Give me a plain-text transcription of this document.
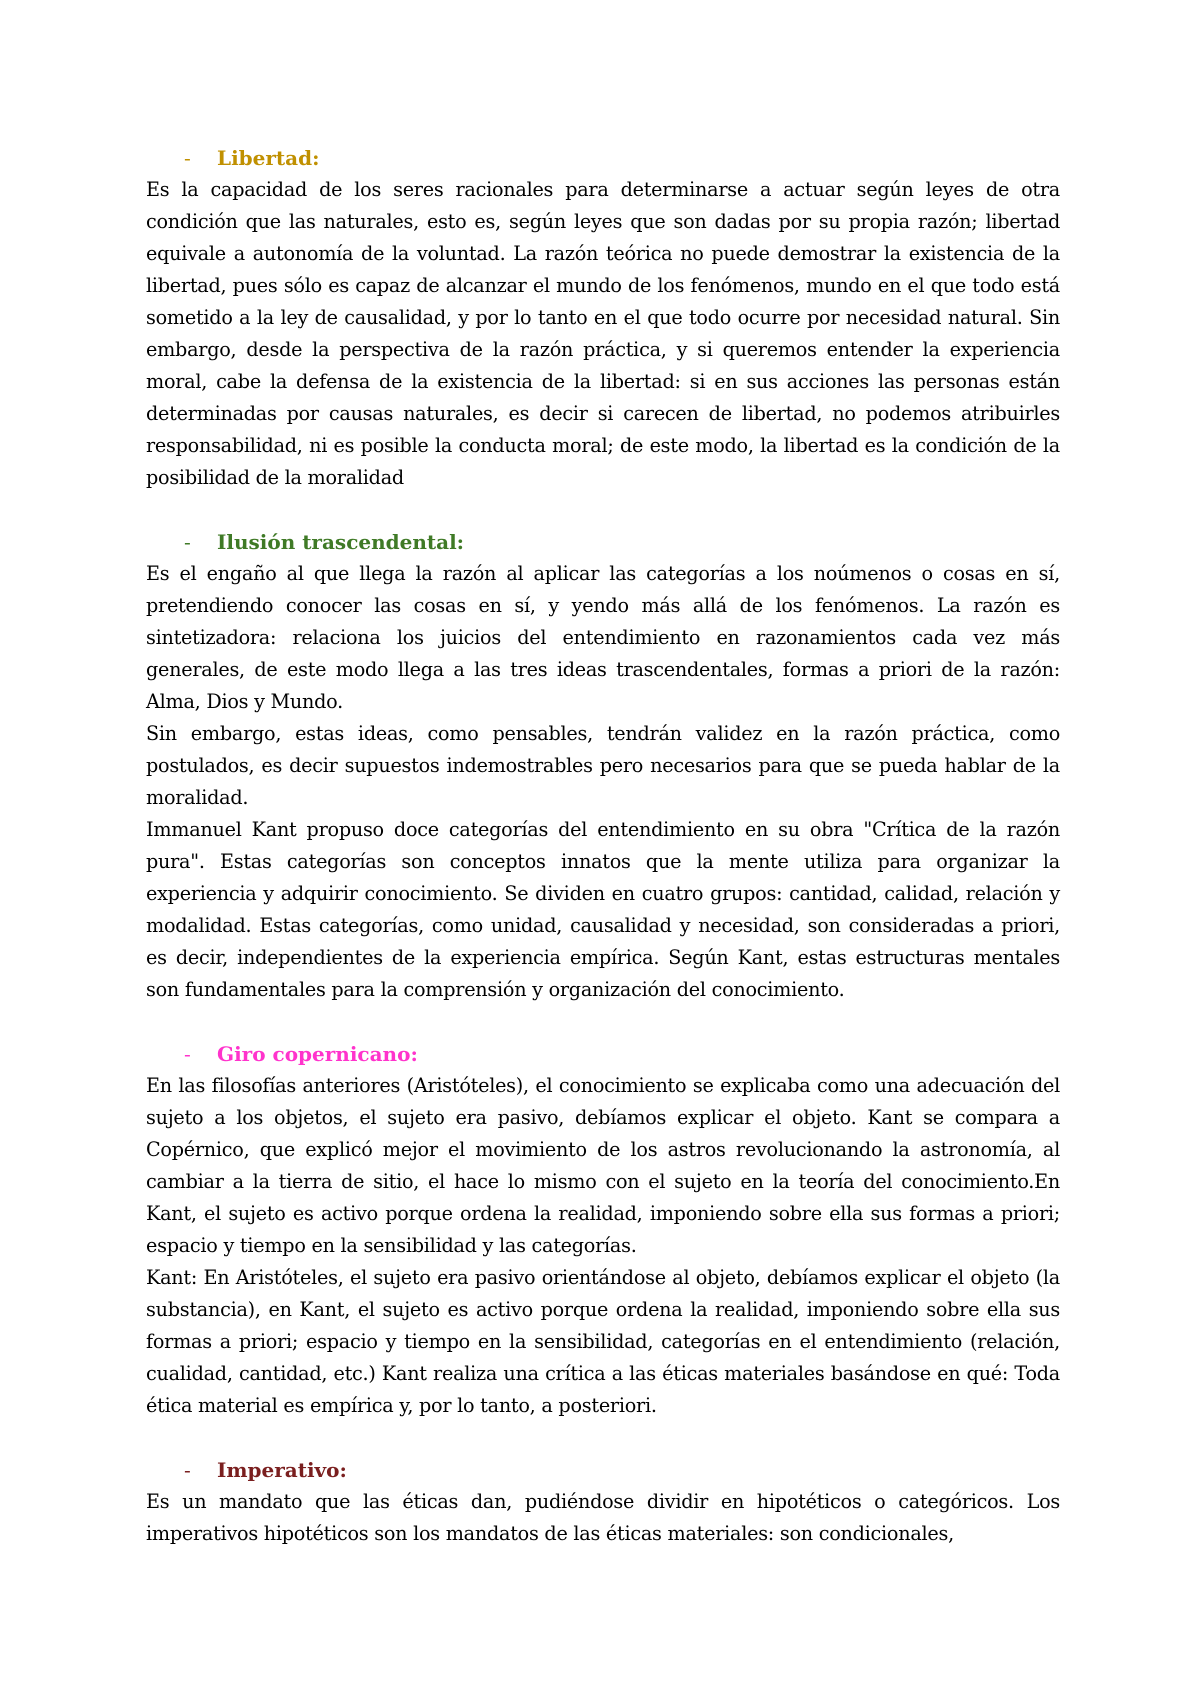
- Libertad:

Es la capacidad de los seres racionales para determinarse a actuar según leyes de otra condición que las naturales, esto es, según leyes que son dadas por su propia razón; libertad equivale a autonomía de la voluntad. La razón teórica no puede demostrar la existencia de la libertad, pues sólo es capaz de alcanzar el mundo de los fenómenos, mundo en el que todo está sometido a la ley de causalidad, y por lo tanto en el que todo ocurre por necesidad natural. Sin embargo, desde la perspectiva de la razón práctica, y si queremos entender la experiencia moral, cabe la defensa de la existencia de la libertad: si en sus acciones las personas están determinadas por causas naturales, es decir si carecen de libertad, no podemos atribuirles responsabilidad, ni es posible la conducta moral; de este modo, la libertad es la condición de la posibilidad de la moralidad

- Ilusión trascendental:

Es el engaño al que llega la razón al aplicar las categorías a los noúmenos o cosas en sí, pretendiendo conocer las cosas en sí, y yendo más allá de los fenómenos. La razón es sintetizadora: relaciona los juicios del entendimiento en razonamientos cada vez más generales, de este modo llega a las tres ideas trascendentales, formas a priori de la razón: Alma, Dios y Mundo.

Sin embargo, estas ideas, como pensables, tendrán validez en la razón práctica, como postulados, es decir supuestos indemostrables pero necesarios para que se pueda hablar de la moralidad.

Immanuel Kant propuso doce categorías del entendimiento en su obra "Crítica de la razón pura". Estas categorías son conceptos innatos que la mente utiliza para organizar la experiencia y adquirir conocimiento. Se dividen en cuatro grupos: cantidad, calidad, relación y modalidad. Estas categorías, como unidad, causalidad y necesidad, son consideradas a priori, es decir, independientes de la experiencia empírica. Según Kant, estas estructuras mentales son fundamentales para la comprensión y organización del conocimiento.

- Giro copernicano:

En las filosofías anteriores (Aristóteles), el conocimiento se explicaba como una adecuación del sujeto a los objetos, el sujeto era pasivo, debíamos explicar el objeto. Kant se compara a Copérnico, que explicó mejor el movimiento de los astros revolucionando la astronomía, al cambiar a la tierra de sitio, el hace lo mismo con el sujeto en la teoría del conocimiento.En Kant, el sujeto es activo porque ordena la realidad, imponiendo sobre ella sus formas a priori; espacio y tiempo en la sensibilidad y las categorías.

Kant: En Aristóteles, el sujeto era pasivo orientándose al objeto, debíamos explicar el objeto (la substancia), en Kant, el sujeto es activo porque ordena la realidad, imponiendo sobre ella sus formas a priori; espacio y tiempo en la sensibilidad, categorías en el entendimiento (relación, cualidad, cantidad, etc.) Kant realiza una crítica a las éticas materiales basándose en qué: Toda ética material es empírica y, por lo tanto, a posteriori.

- Imperativo:

Es un mandato que las éticas dan, pudiéndose dividir en hipotéticos o categóricos. Los imperativos hipotéticos son los mandatos de las éticas materiales: son condicionales,
